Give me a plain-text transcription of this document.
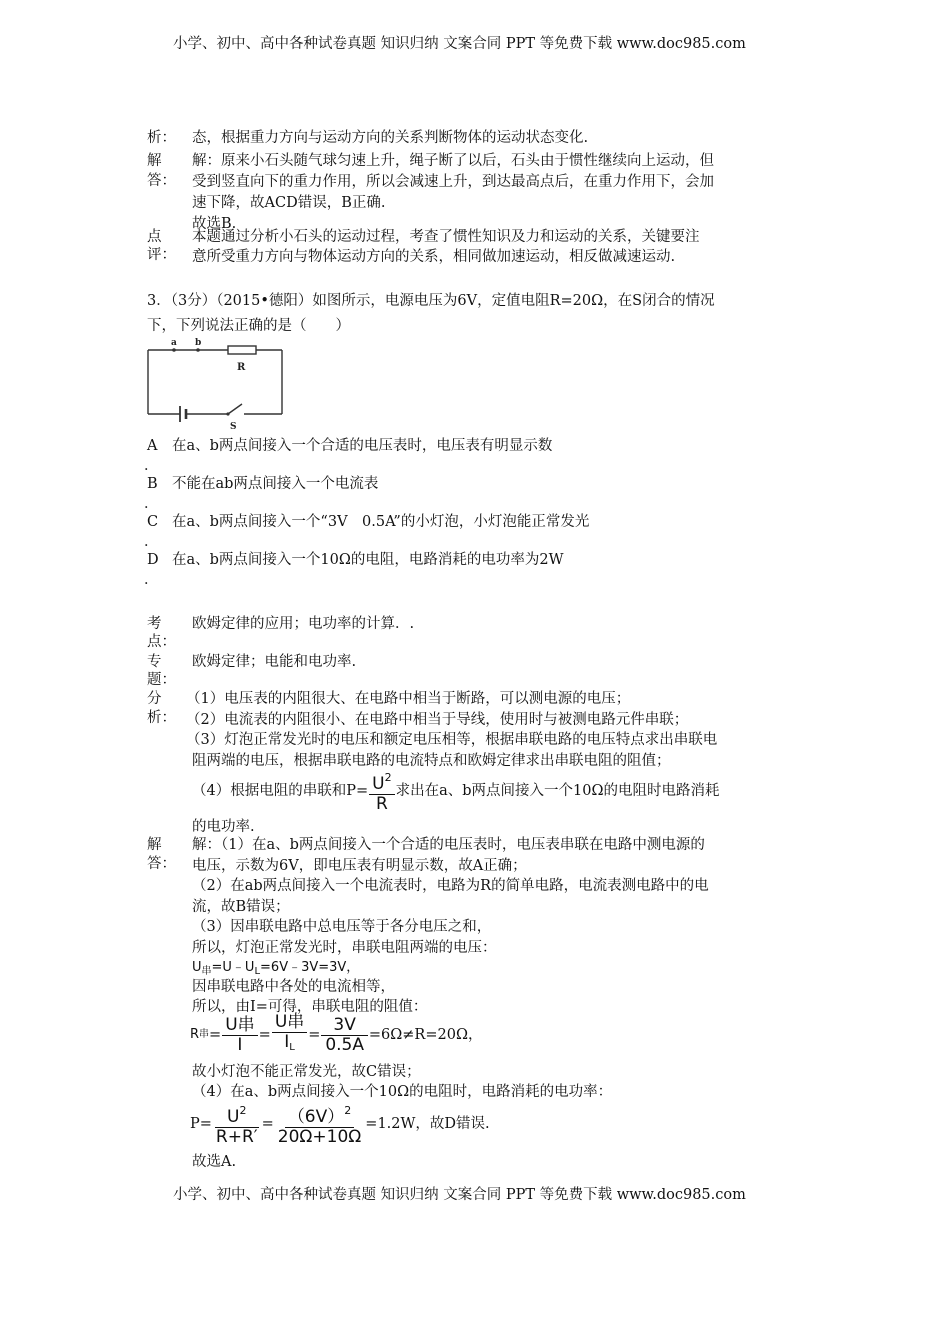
小学、初中、高中各种试卷真题 知识归纳 文案合同 PPT 等免费下载 www.doc985.com
析： 态，根据重力方向与运动方向的关系判断物体的运动状态变化.
解
答：
解：原来小石头随气球匀速上升，绳子断了以后，石头由于惯性继续向上运动，但
受到竖直向下的重力作用，所以会减速上升，到达最高点后，在重力作用下，会加
速下降，故ACD错误，B正确.
故选B.
点
评：
本题通过分析小石头的运动过程，考查了惯性知识及力和运动的关系，关键要注
意所受重力方向与物体运动方向的关系，相同做加速运动，相反做减速运动.
3．（3分）（2015•德阳）如图所示，电源电压为6V，定值电阻R=20Ω，在S闭合的情况
下，下列说法正确的是（　　）
a b
R
S
A 在a、b两点间接入一个合适的电压表时，电压表有明显示数
．
B 不能在ab两点间接入一个电流表
．
C 在a、b两点间接入一个“3V　0.5A”的小灯泡，小灯泡能正常发光
．
D 在a、b两点间接入一个10Ω的电阻，电路消耗的电功率为2W
．
考
点：
欧姆定律的应用；电功率的计算．.
专
题：
欧姆定律；电能和电功率.
分
析：
（1）电压表的内阻很大、在电路中相当于断路，可以测电源的电压；
（2）电流表的内阻很小、在电路中相当于导线，使用时与被测电路元件串联；
（3）灯泡正常发光时的电压和额定电压相等，根据串联电路的电压特点求出串联电
阻两端的电压，根据串联电路的电流特点和欧姆定律求出串联电阻的阻值；
（4）根据电阻的串联和$P= \frac{U^2}{R}$ 求出在a、b两点间接入一个10Ω的电阻时电路消耗
的电功率.
解
答：
解：（1）在a、b两点间接入一个合适的电压表时，电压表串联在电路中测电源的
电压，示数为6V，即电压表有明显示数，故A正确；
（2）在ab两点间接入一个电流表时，电路为R的简单电路，电流表测电路中的电
流，故B错误；
（3）因串联电路中总电压等于各分电压之和，
所以，灯泡正常发光时，串联电阻两端的电压：
$U_串=U﹣U_L=6V﹣3V=3V$，
因串联电路中各处的电流相等，
所以，由I=可得，串联电阻的阻值：
R 串 = $\frac{\text{U串}}{I} = \frac{\text{U串}}{I_L} = \frac{3V}{0.5A} =6\Omega\ne R=20\Omega$，
故小灯泡不能正常发光，故C错误；
（4）在a、b两点间接入一个10Ω的电阻时，电路消耗的电功率：
$P= \frac{U^2}{R+R'} = \frac{(6V)^2}{20\Omega+10\Omega} =1.2W$，故D错误.
故选A.
小学、初中、高中各种试卷真题 知识归纳 文案合同 PPT 等免费下载 www.doc985.com
